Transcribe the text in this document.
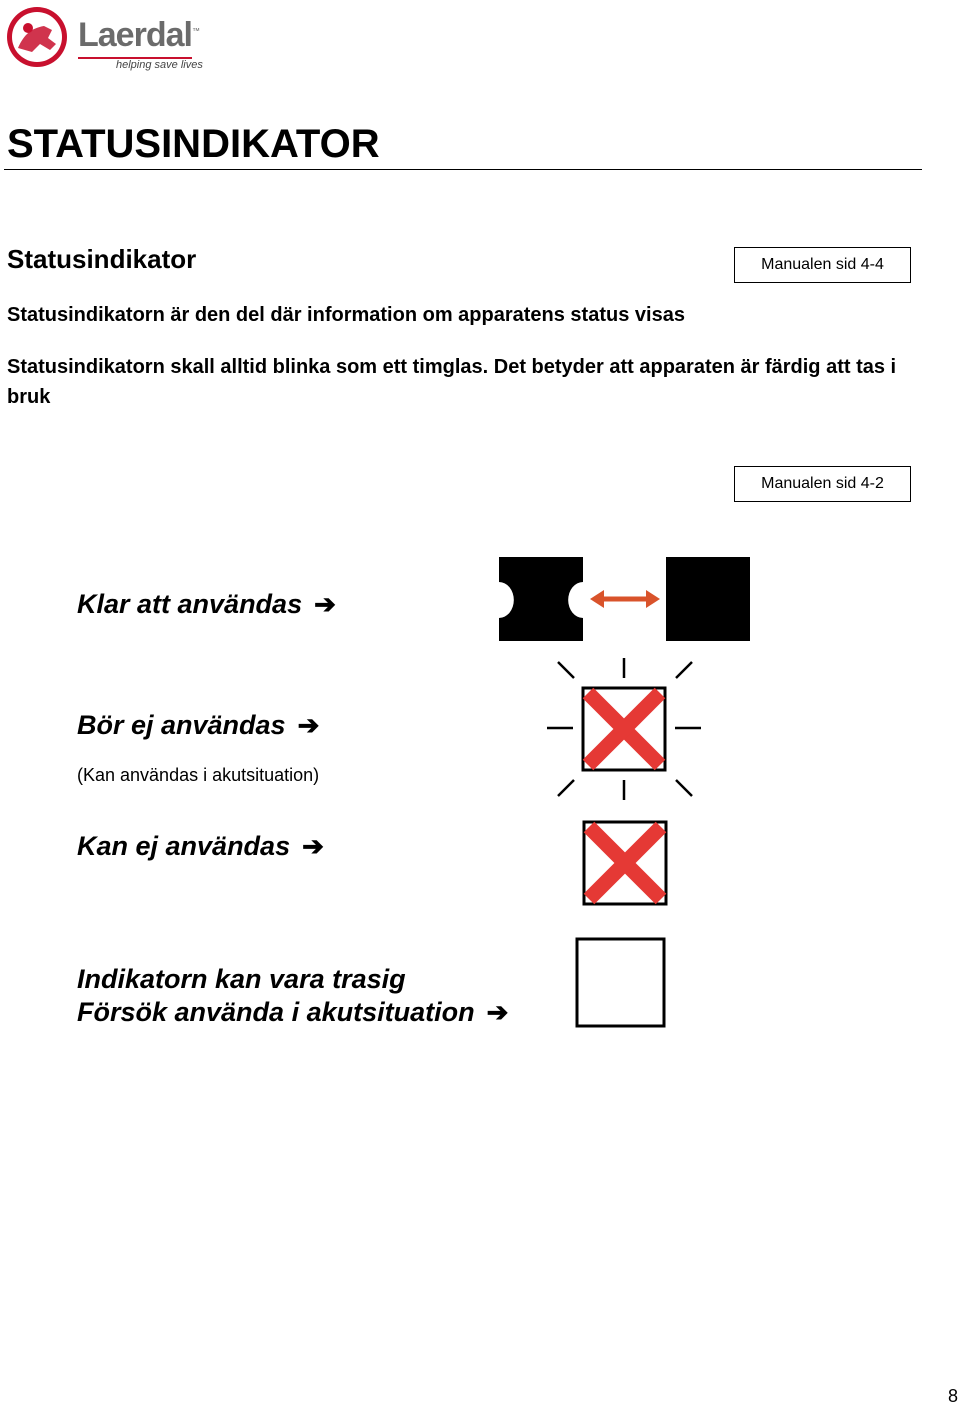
Laerdal™
helping save lives
STATUSINDIKATOR
Statusindikator	Manualen sid 4-4
Statusindikatorn är den del där information om apparatens status visas
Statusindikatorn skall alltid blinka som ett timglas. Det betyder att apparaten är färdig att tas i bruk
Manualen sid 4-2
Klar att användas ➔
Bör ej användas ➔
(Kan användas i akutsituation)
Kan ej användas ➔
Indikatorn kan vara trasig
Försök använda i akutsituation ➔
8
